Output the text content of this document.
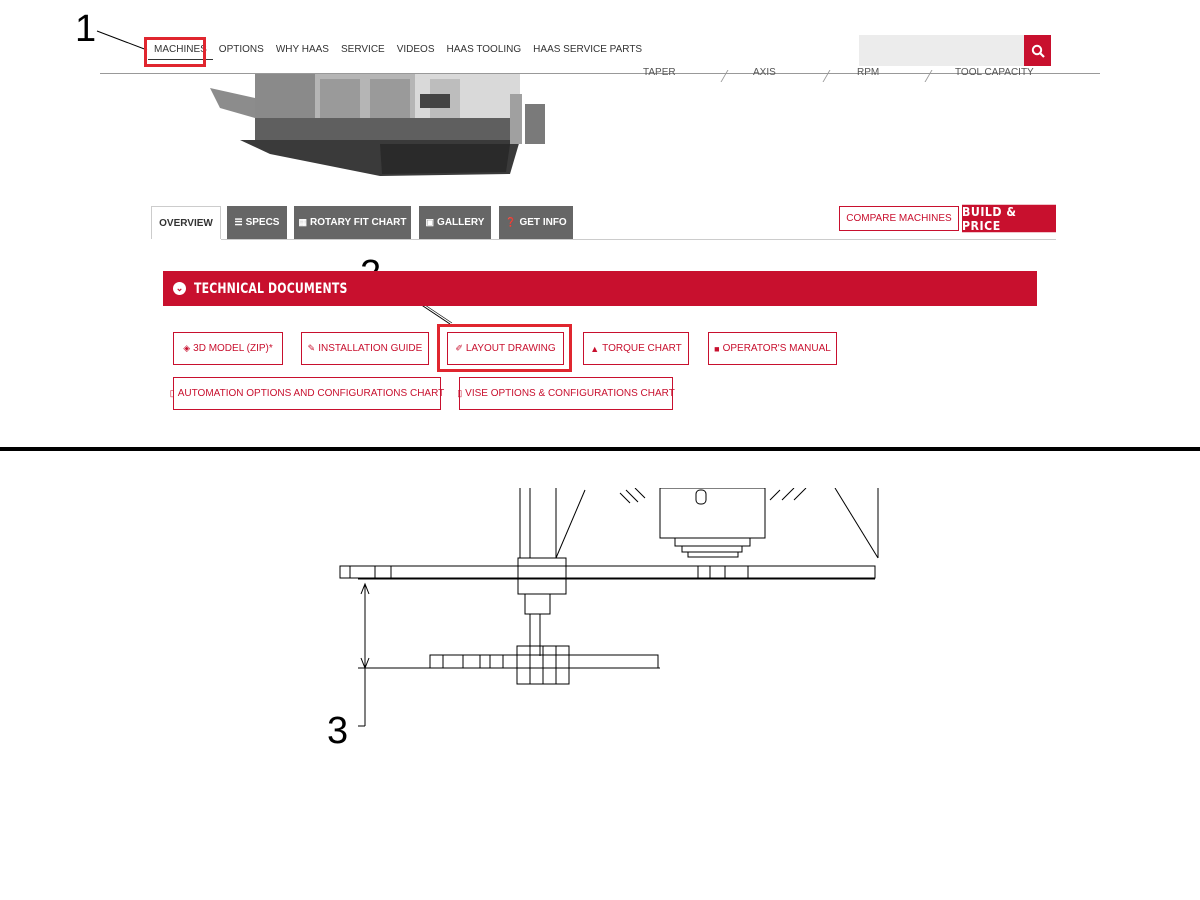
1	MACHINES	OPTIONS	WHY HAAS	SERVICE	VIDEOS	HAAS TOOLING	HAAS SERVICE PARTS
TAPER	AXIS	RPM	TOOL CAPACITY
OVERVIEW ☰ SPECS ▦ ROTARY FIT CHART ▣ GALLERY ❓ GET INFO	COMPARE MACHINES BUILD & PRICE
⌄ TECHNICAL DOCUMENTS
◈ 3D MODEL (ZIP)*	✎ INSTALLATION GUIDE	✐ LAYOUT DRAWING	▲ TORQUE CHART	■ OPERATOR'S MANUAL
▯ AUTOMATION OPTIONS AND CONFIGURATIONS CHART ▯ VISE OPTIONS & CONFIGURATIONS CHART
3
